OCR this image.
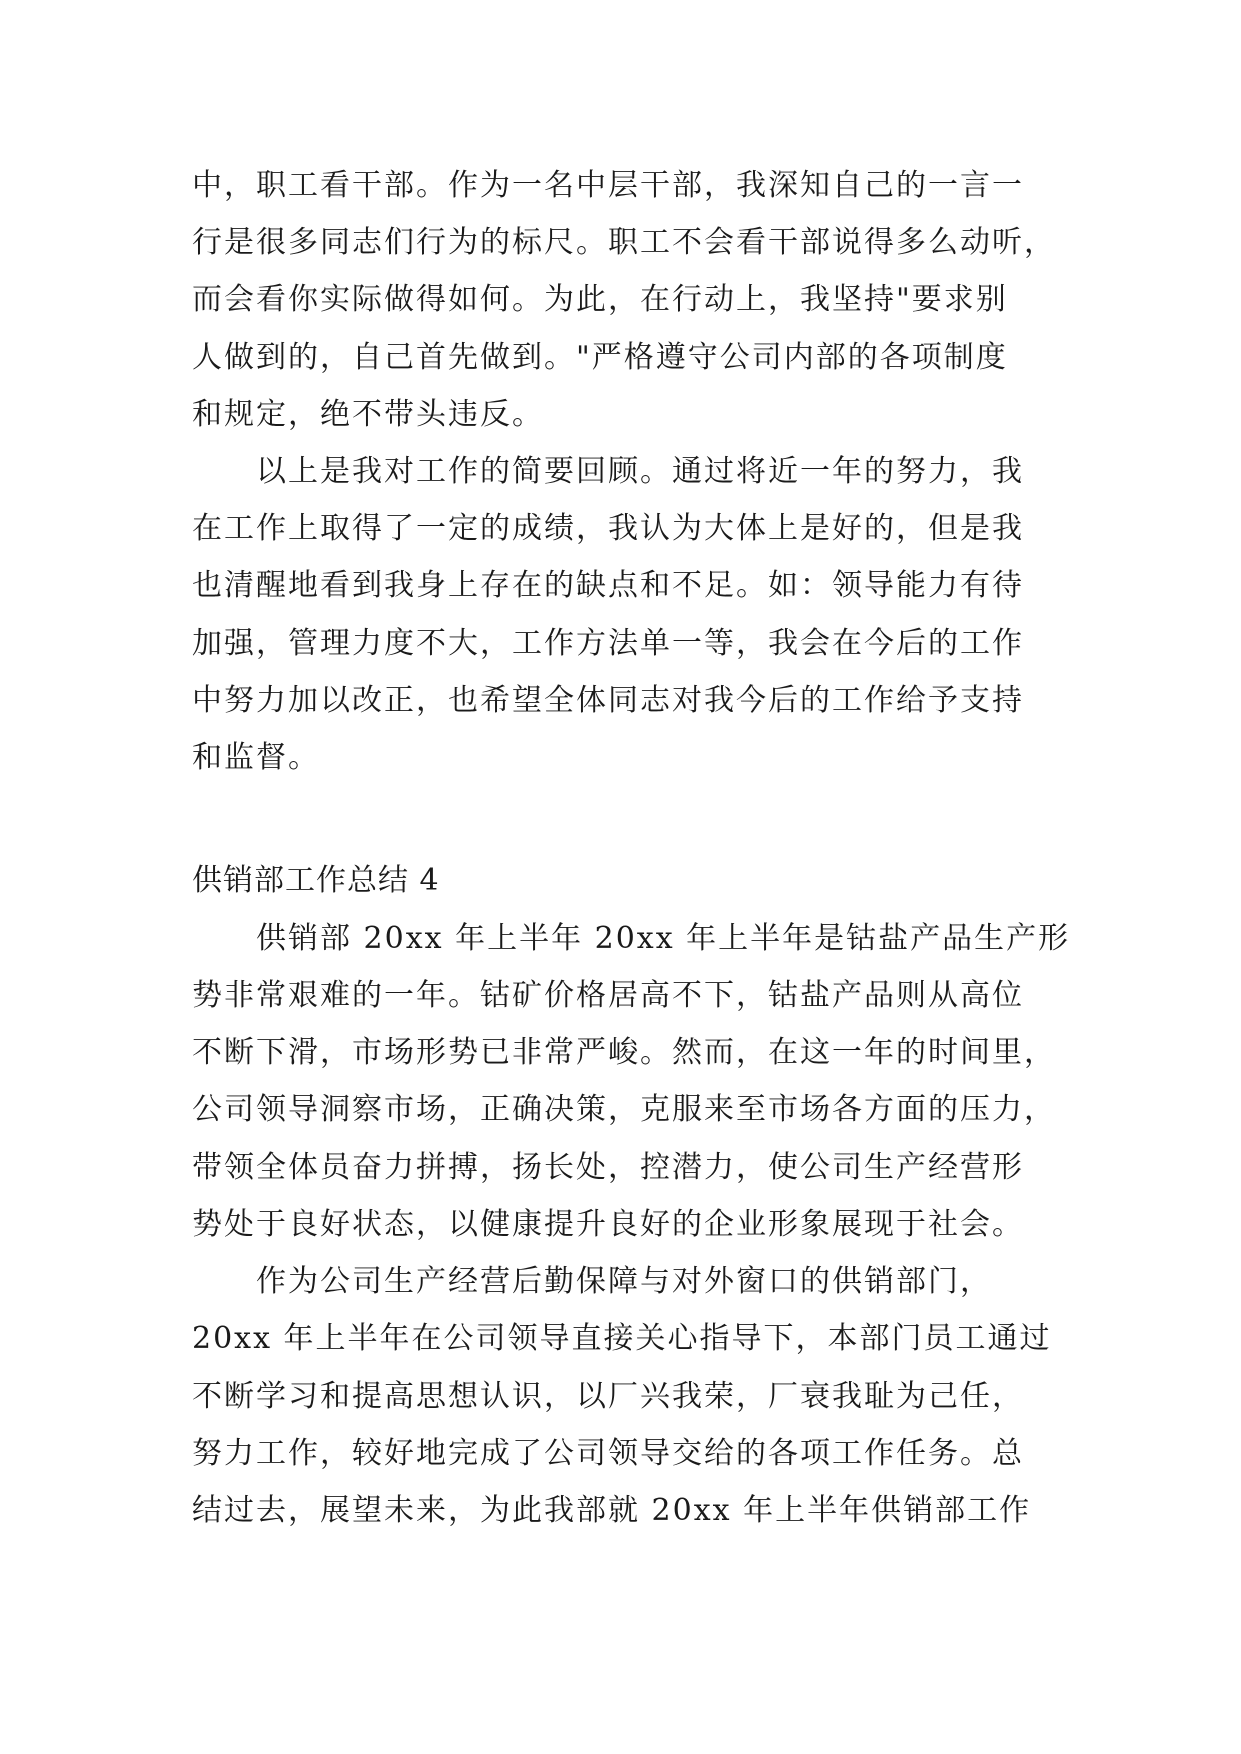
中，职工看干部。作为一名中层干部，我深知自己的一言一
行是很多同志们行为的标尺。职工不会看干部说得多么动听，
而会看你实际做得如何。为此，在行动上，我坚持"要求别
人做到的，自己首先做到。"严格遵守公司内部的各项制度
和规定，绝不带头违反。
以上是我对工作的简要回顾。通过将近一年的努力，我
在工作上取得了一定的成绩，我认为大体上是好的，但是我
也清醒地看到我身上存在的缺点和不足。如：领导能力有待
加强，管理力度不大，工作方法单一等，我会在今后的工作
中努力加以改正，也希望全体同志对我今后的工作给予支持
和监督。
供销部工作总结 4
供销部 20xx 年上半年 20xx 年上半年是钴盐产品生产形
势非常艰难的一年。钴矿价格居高不下，钴盐产品则从高位
不断下滑，市场形势已非常严峻。然而，在这一年的时间里，
公司领导洞察市场，正确决策，克服来至市场各方面的压力，
带领全体员奋力拼搏，扬长处，控潜力，使公司生产经营形
势处于良好状态，以健康提升良好的企业形象展现于社会。
作为公司生产经营后勤保障与对外窗口的供销部门，
20xx 年上半年在公司领导直接关心指导下，本部门员工通过
不断学习和提高思想认识，以厂兴我荣，厂衰我耻为己任，
努力工作，较好地完成了公司领导交给的各项工作任务。总
结过去，展望未来，为此我部就 20xx 年上半年供销部工作
